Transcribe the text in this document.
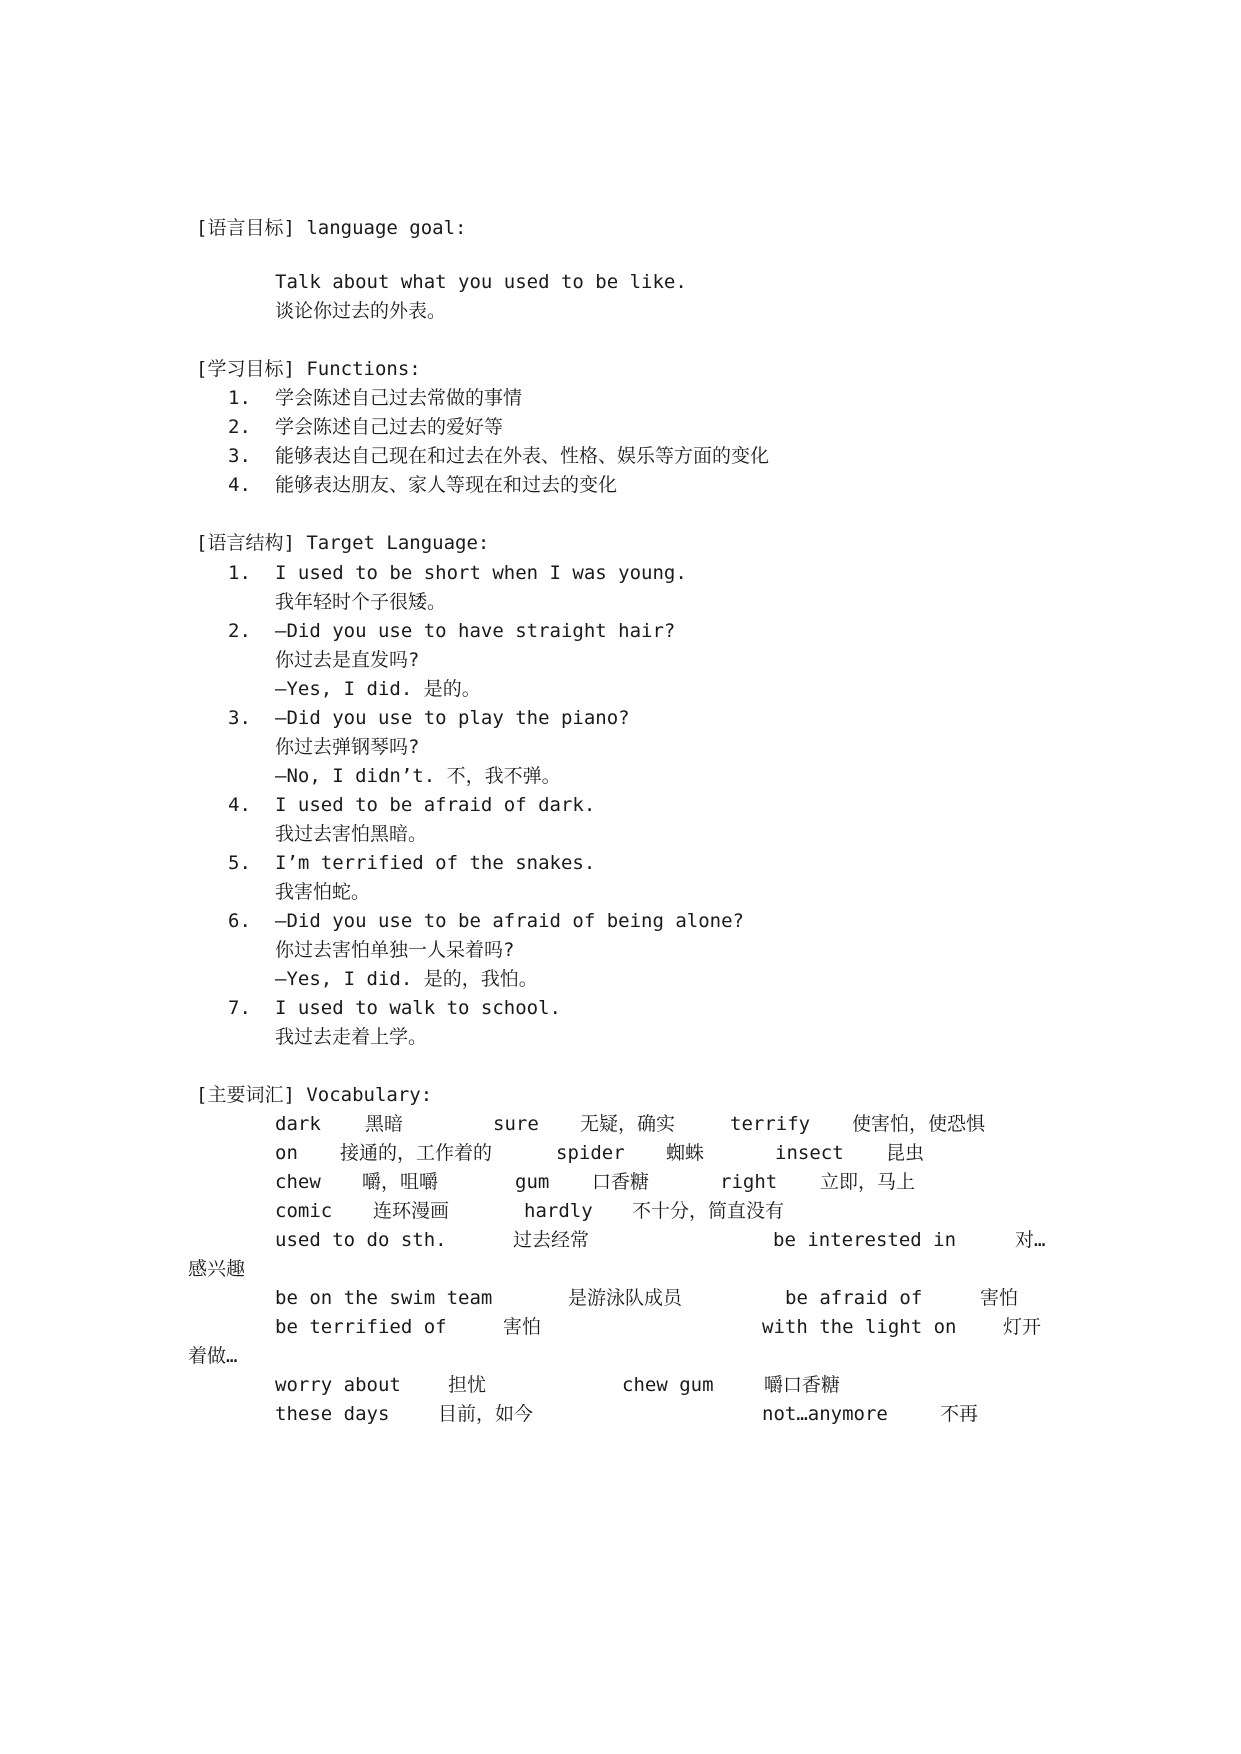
[语言目标] language goal:
Talk about what you used to be like.
谈论你过去的外表。
[学习目标] Functions:
1.	学会陈述自己过去常做的事情
2.	学会陈述自己过去的爱好等
3.	能够表达自己现在和过去在外表、性格、娱乐等方面的变化
4.	能够表达朋友、家人等现在和过去的变化
[语言结构] Target Language:
1.	I used to be short when I was young.
我年轻时个子很矮。
2.	—Did you use to have straight hair?
你过去是直发吗?
—Yes, I did. 是的。
3.	—Did you use to play the piano?
你过去弹钢琴吗?
—No, I didn’t. 不，我不弹。
4.	I used to be afraid of dark.
我过去害怕黑暗。
5.	I’m terrified of the snakes.
我害怕蛇。
6.	—Did you use to be afraid of being alone?
你过去害怕单独一人呆着吗?
—Yes, I did. 是的，我怕。
7.	I used to walk to school.
我过去走着上学。
[主要词汇] Vocabulary:
dark 黑暗	sure 无疑，确实	terrify 使害怕，使恐惧
on 接通的，工作着的	spider 蜘蛛	insect 昆虫
chew 嚼，咀嚼	gum 口香糖	right 立即，马上
comic 连环漫画	hardly 不十分，简直没有
used to do sth.	过去经常	be interested in	对…
感兴趣
be on the swim team	是游泳队成员	be afraid of	害怕
be terrified of	害怕	with the light on 灯开
着做…
worry about 担忧	chew gum	嚼口香糖
these days	目前，如今	not…anymore	不再
